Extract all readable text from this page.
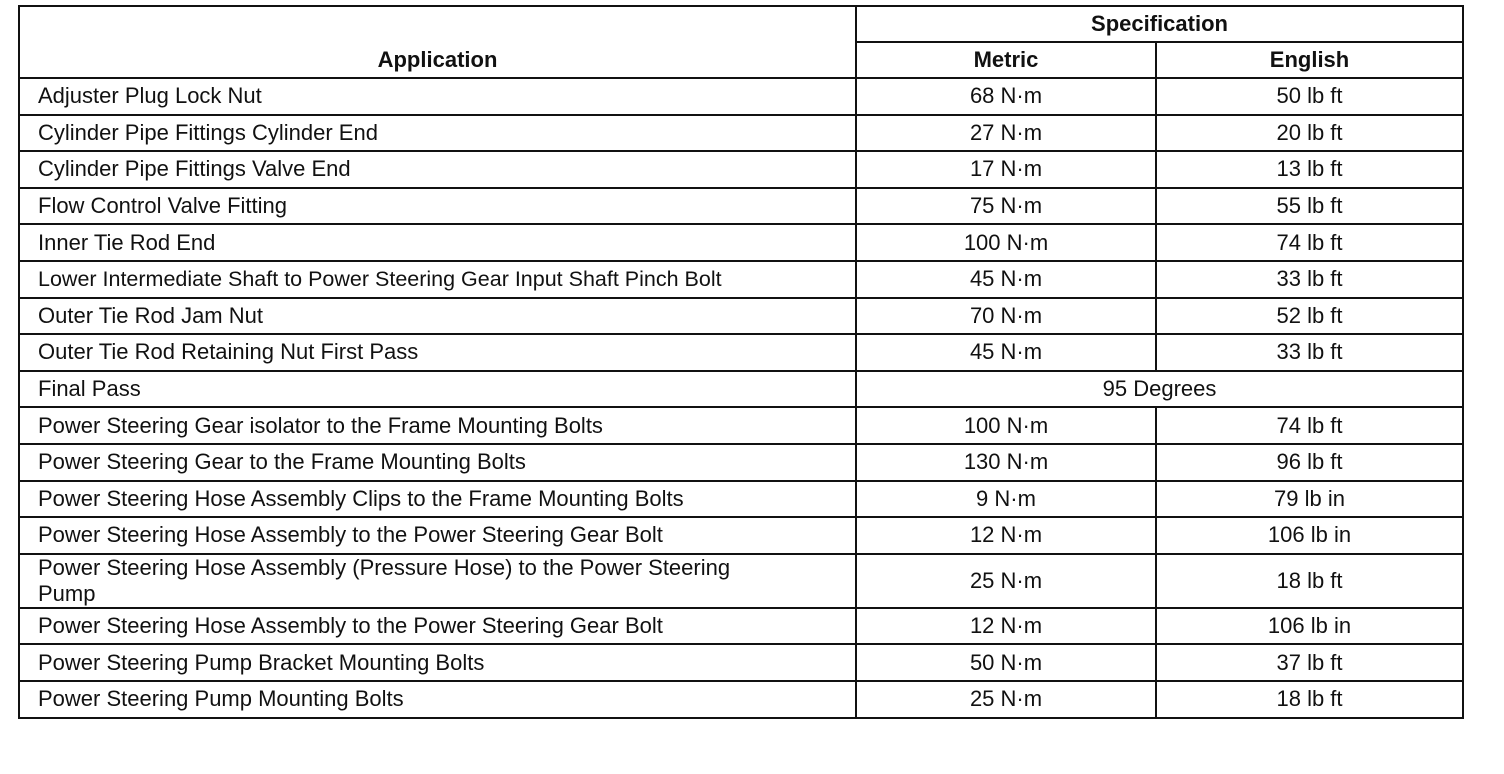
Application	Specification	
	Metric	English
Adjuster Plug Lock Nut	68 N·m	50 lb ft
Cylinder Pipe Fittings Cylinder End	27 N·m	20 lb ft
Cylinder Pipe Fittings Valve End	17 N·m	13 lb ft
Flow Control Valve Fitting	75 N·m	55 lb ft
Inner Tie Rod End	100 N·m	74 lb ft
Lower Intermediate Shaft to Power Steering Gear Input Shaft Pinch Bolt	45 N·m	33 lb ft
Outer Tie Rod Jam Nut	70 N·m	52 lb ft
Outer Tie Rod Retaining Nut First Pass	45 N·m	33 lb ft
Final Pass	95 Degrees	
Power Steering Gear isolator to the Frame Mounting Bolts	100 N·m	74 lb ft
Power Steering Gear to the Frame Mounting Bolts	130 N·m	96 lb ft
Power Steering Hose Assembly Clips to the Frame Mounting Bolts	9 N·m	79 lb in
Power Steering Hose Assembly to the Power Steering Gear Bolt	12 N·m	106 lb in

Power Steering Hose Assembly (Pressure Hose) to the Power Steering Pump	25 N·m	18 lb ft
Power Steering Hose Assembly to the Power Steering Gear Bolt	12 N·m	106 lb in
Power Steering Pump Bracket Mounting Bolts	50 N·m	37 lb ft
Power Steering Pump Mounting Bolts	25 N·m	18 lb ft
